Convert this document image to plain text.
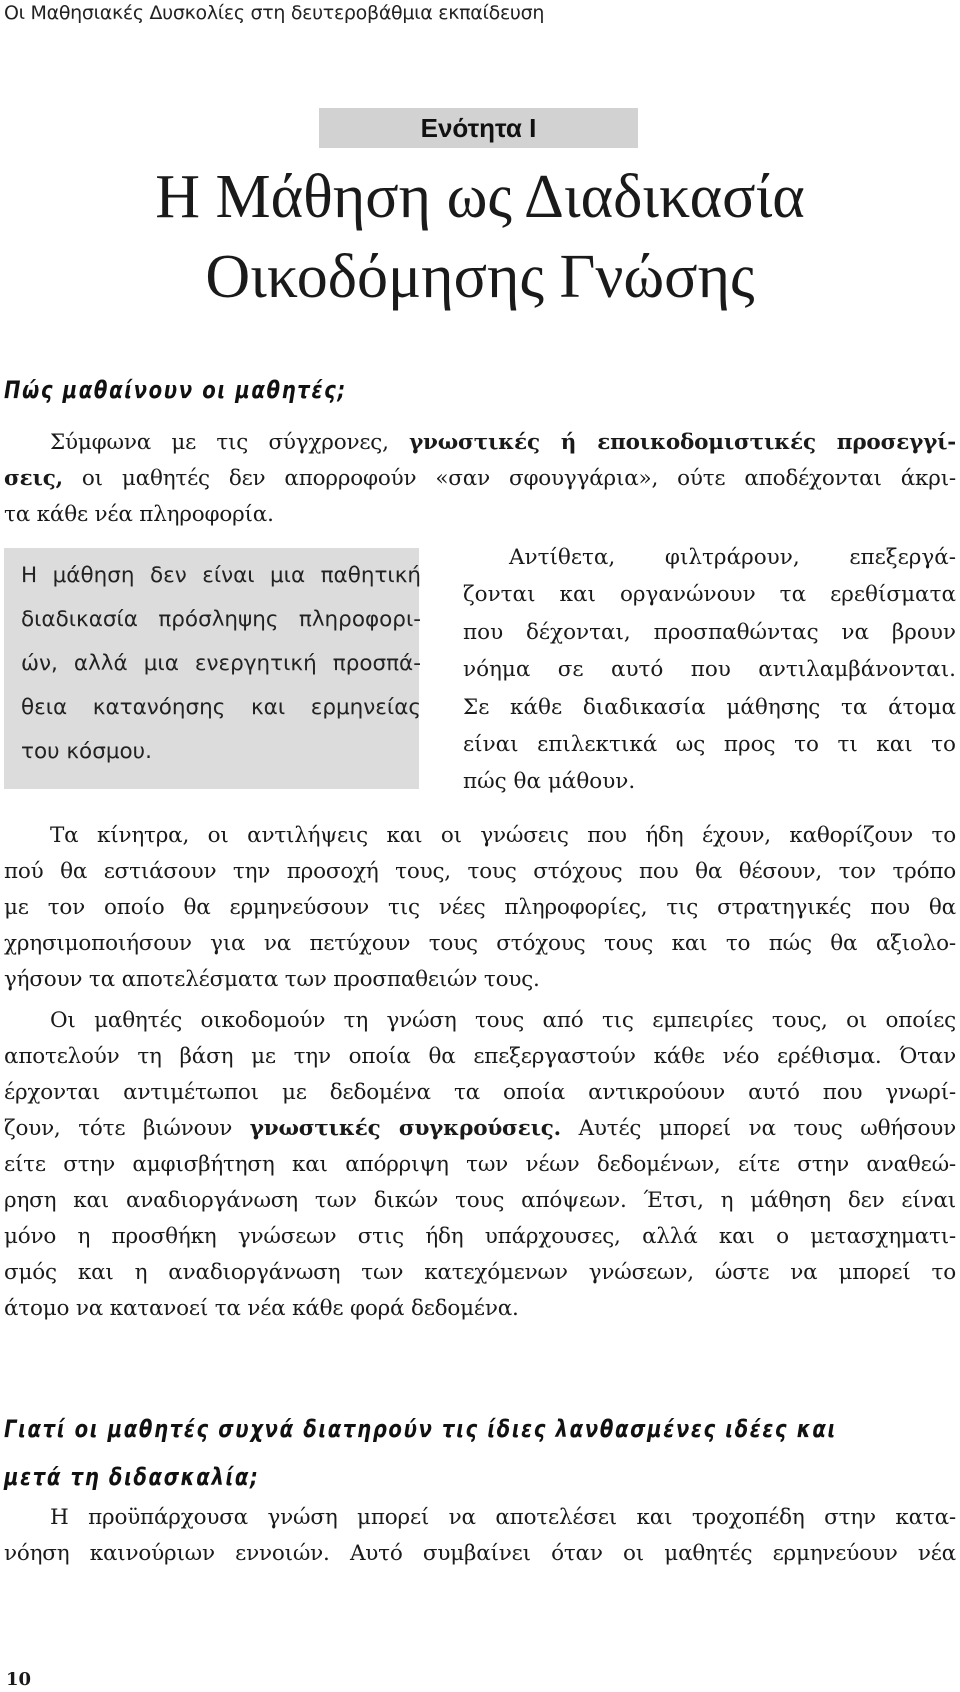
Οι Μαθησιακές Δυσκολίες στη δευτεροβάθμια εκπαίδευση
Ενότητα Ι
Η Μάθηση ως Διαδικασία
Οικοδόμησης Γνώσης
Πώς μαθαίνουν οι μαθητές;
Σύμφωνα με τις σύγχρονες, γνωστικές ή εποικοδομιστικές προσεγγί-
σεις, οι μαθητές δεν απορροφούν «σαν σφουγγάρια», ούτε αποδέχονται άκρι-
τα κάθε νέα πληροφορία.
Η μάθηση δεν είναι μια παθητική
διαδικασία πρόσληψης πληροφορι-
ών, αλλά μια ενεργητική προσπά-
θεια κατανόησης και ερμηνείας
του κόσμου.
Αντίθετα, φιλτράρουν, επεξεργά-
ζονται και οργανώνουν τα ερεθίσματα
που δέχονται, προσπαθώντας να βρουν
νόημα σε αυτό που αντιλαμβάνονται.
Σε κάθε διαδικασία μάθησης τα άτομα
είναι επιλεκτικά ως προς το τι και το
πώς θα μάθουν.
Τα κίνητρα, οι αντιλήψεις και οι γνώσεις που ήδη έχουν, καθορίζουν το
πού θα εστιάσουν την προσοχή τους, τους στόχους που θα θέσουν, τον τρόπο
με τον οποίο θα ερμηνεύσουν τις νέες πληροφορίες, τις στρατηγικές που θα
χρησιμοποιήσουν για να πετύχουν τους στόχους τους και το πώς θα αξιολο-
γήσουν τα αποτελέσματα των προσπαθειών τους.
Οι μαθητές οικοδομούν τη γνώση τους από τις εμπειρίες τους, οι οποίες
αποτελούν τη βάση με την οποία θα επεξεργαστούν κάθε νέο ερέθισμα. Όταν
έρχονται αντιμέτωποι με δεδομένα τα οποία αντικρούουν αυτό που γνωρί-
ζουν, τότε βιώνουν γνωστικές συγκρούσεις. Αυτές μπορεί να τους ωθήσουν
είτε στην αμφισβήτηση και απόρριψη των νέων δεδομένων, είτε στην αναθεώ-
ρηση και αναδιοργάνωση των δικών τους απόψεων. Έτσι, η μάθηση δεν είναι
μόνο η προσθήκη γνώσεων στις ήδη υπάρχουσες, αλλά και ο μετασχηματι-
σμός και η αναδιοργάνωση των κατεχόμενων γνώσεων, ώστε να μπορεί το
άτομο να κατανοεί τα νέα κάθε φορά δεδομένα.
Γιατί οι μαθητές συχνά διατηρούν τις ίδιες λανθασμένες ιδέες και
μετά τη διδασκαλία;
Η προϋπάρχουσα γνώση μπορεί να αποτελέσει και τροχοπέδη στην κατα-
νόηση καινούριων εννοιών. Αυτό συμβαίνει όταν οι μαθητές ερμηνεύουν νέα
10
